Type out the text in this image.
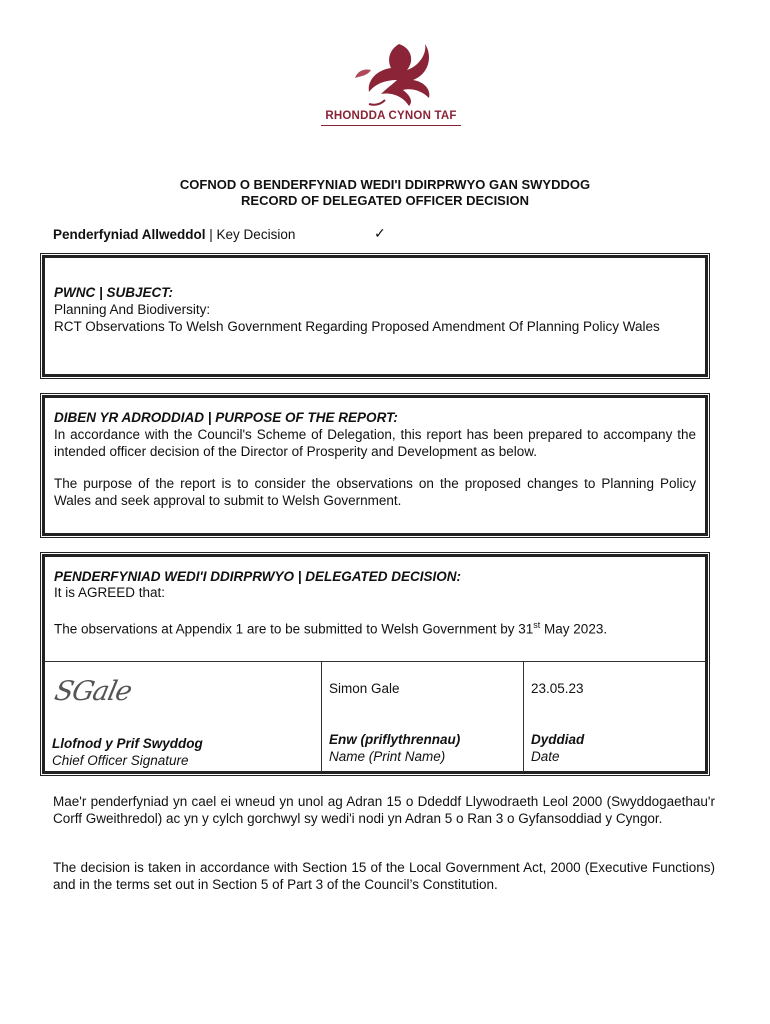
RHONDDA CYNON TAF
COFNOD O BENDERFYNIAD WEDI'I DDIRPRWYO GAN SWYDDOG
RECORD OF DELEGATED OFFICER DECISION
Penderfyniad Allweddol | Key Decision	✓
PWNC | SUBJECT:
Planning And Biodiversity:
RCT Observations To Welsh Government Regarding Proposed Amendment Of Planning Policy Wales
DIBEN YR ADRODDIAD | PURPOSE OF THE REPORT:
In accordance with the Council's Scheme of Delegation, this report has been prepared to accompany the intended officer decision of the Director of Prosperity and Development as below.
The purpose of the report is to consider the observations on the proposed changes to Planning Policy Wales and seek approval to submit to Welsh Government.
PENDERFYNIAD WEDI'I DDIRPRWYO | DELEGATED DECISION:
It is AGREED that:
The observations at Appendix 1 are to be submitted to Welsh Government by 31st May 2023.
SGale
Llofnod y Prif Swyddog
Chief Officer Signature
Simon Gale
Enw (priflythrennau)
Name (Print Name)
23.05.23
Dyddiad
Date
Mae'r penderfyniad yn cael ei wneud yn unol ag Adran 15 o Ddeddf Llywodraeth Leol 2000 (Swyddogaethau'r Corff Gweithredol) ac yn y cylch gorchwyl sy wedi'i nodi yn Adran 5 o Ran 3 o Gyfansoddiad y Cyngor.
The decision is taken in accordance with Section 15 of the Local Government Act, 2000 (Executive Functions) and in the terms set out in Section 5 of Part 3 of the Council’s Constitution.
